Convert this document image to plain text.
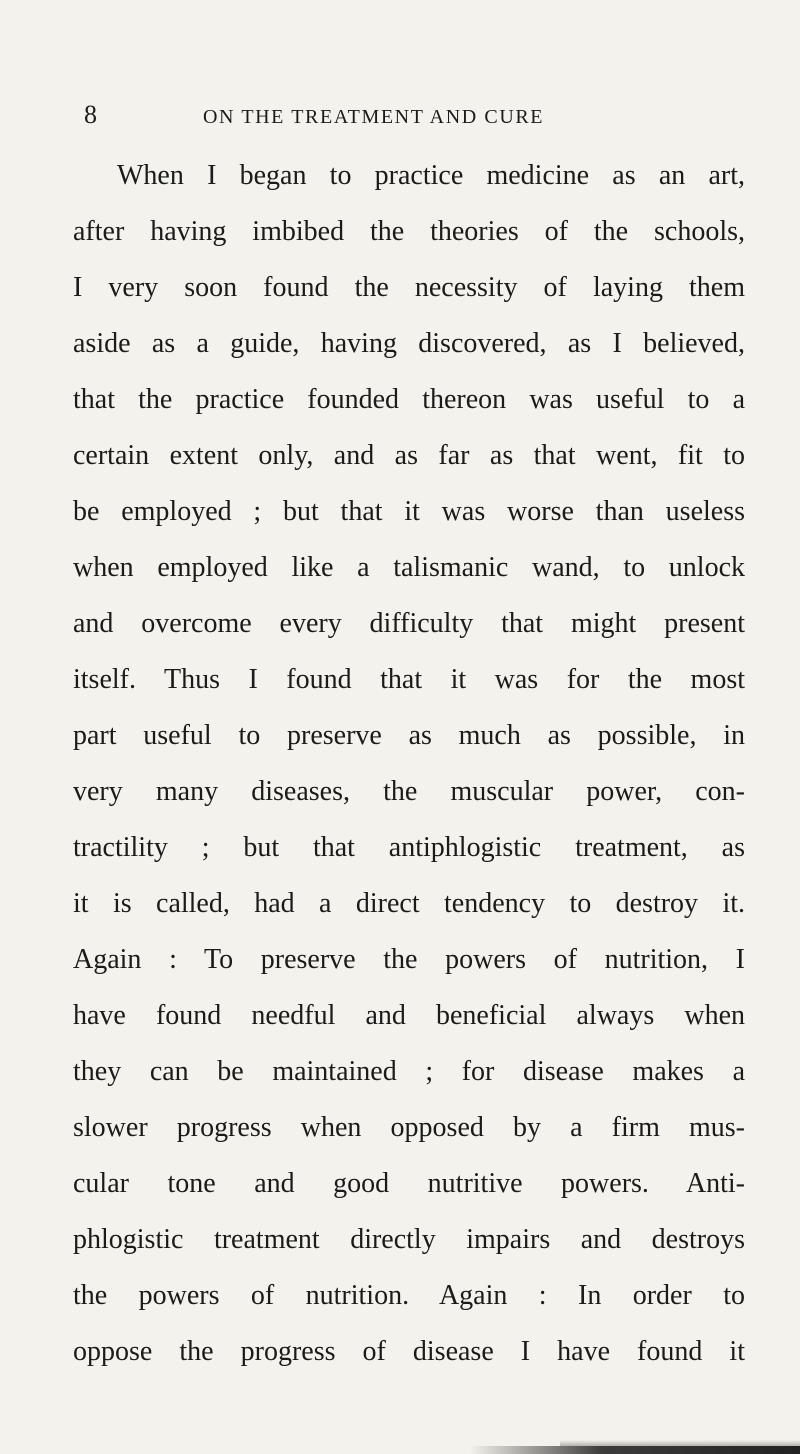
8	ON THE TREATMENT AND CURE
When I began to practice medicine as an art,
after having imbibed the theories of the schools,
I very soon found the necessity of laying them
aside as a guide, having discovered, as I believed,
that the practice founded thereon was useful to a
certain extent only, and as far as that went, fit to
be employed ; but that it was worse than useless
when employed like a talismanic wand, to unlock
and overcome every difficulty that might present
itself. Thus I found that it was for the most
part useful to preserve as much as possible, in
very many diseases, the muscular power, con-
tractility ; but that antiphlogistic treatment, as
it is called, had a direct tendency to destroy it.
Again : To preserve the powers of nutrition, I
have found needful and beneficial always when
they can be maintained ; for disease makes a
slower progress when opposed by a firm mus-
cular tone and good nutritive powers. Anti-
phlogistic treatment directly impairs and destroys
the powers of nutrition. Again : In order to
oppose the progress of disease I have found it
